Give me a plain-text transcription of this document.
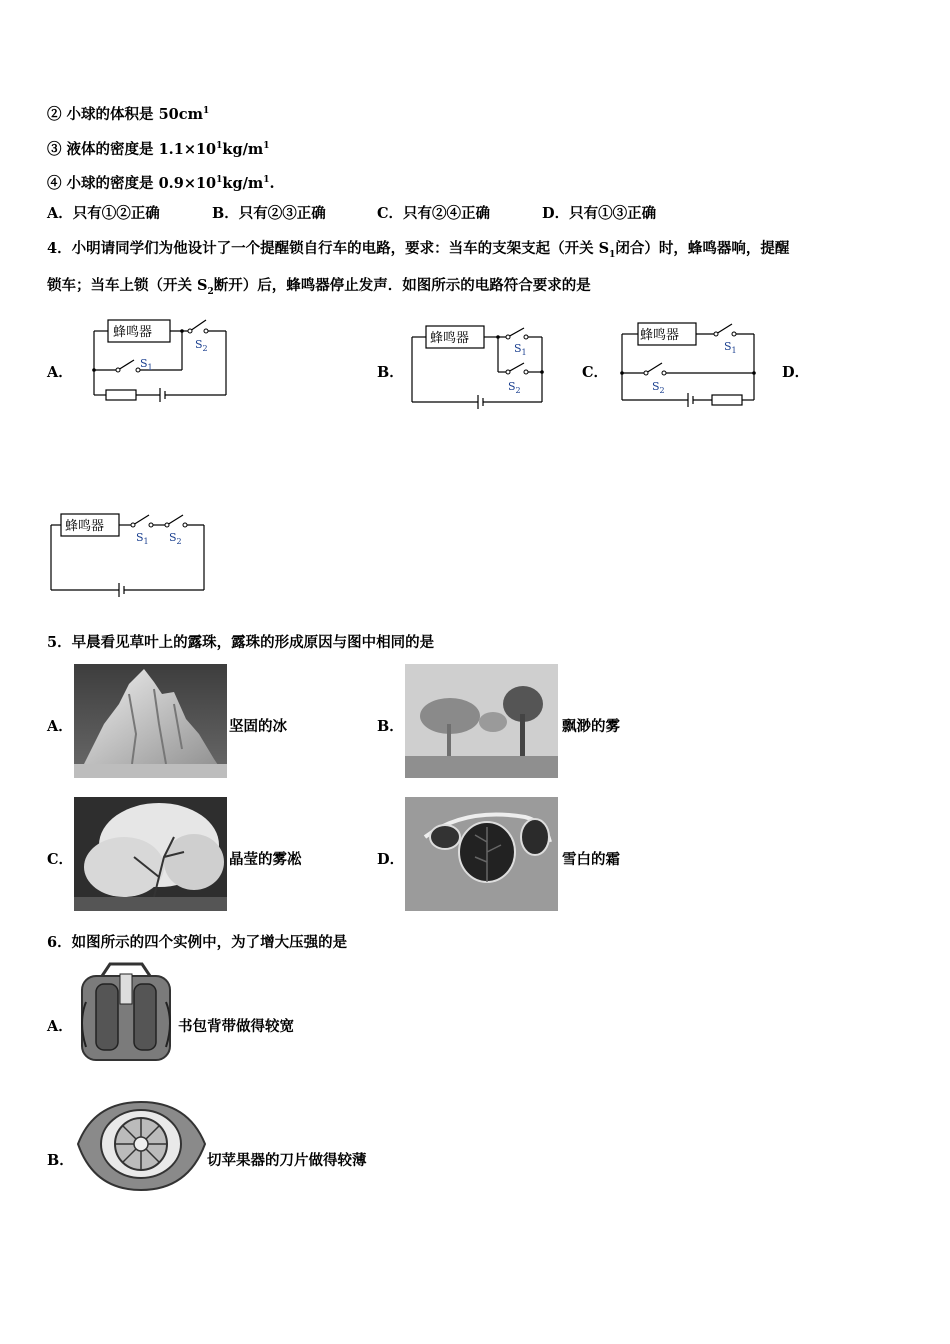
② 小球的体积是 $50cm^1$
③ 液体的密度是 $1.1\times 10^1kg/m^1$
④ 小球的密度是 $0.9\times 10^1kg/m^1$.
A．只有①②正确	B．只有②③正确	C．只有②④正确	D．只有①③正确
4．小明请同学们为他设计了一个提醒锁自行车的电路，要求：当车的支架支起（开关 $S_1$闭合）时，蜂鸣器响，提醒
锁车；当车上锁（开关 $S_2$断开）后，蜂鸣器停止发声．如图所示的电路符合要求的是
A．	B．	C．	D．
蜂鸣器
$S_2$
$S_1$
蜂鸣器
$S_1$
$S_2$
蜂鸣器
$S_1$
$S_2$
蜂鸣器
$S_1$ $S_2$
5．早晨看见草叶上的露珠，露珠的形成原因与图中相同的是
A．	坚固的冰	B．	飘渺的雾
C．	晶莹的雾凇	D．	雪白的霜
6．如图所示的四个实例中，为了增大压强的是
A．	书包背带做得较宽
B．	切苹果器的刀片做得较薄
